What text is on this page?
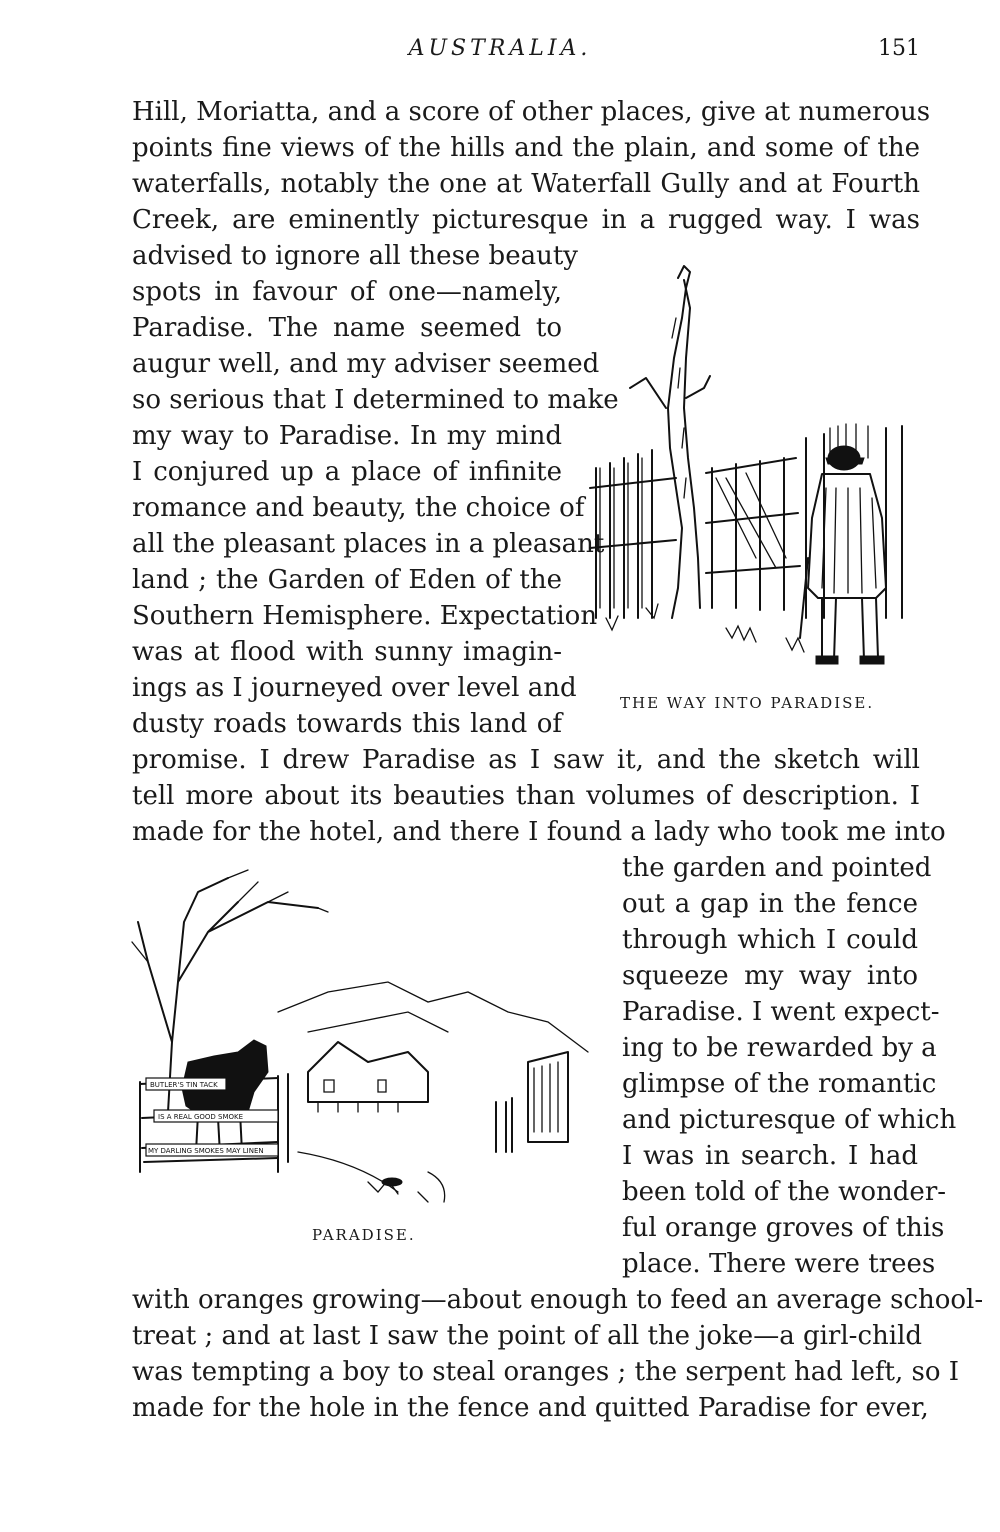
AUSTRALIA.	151
Hill, Moriatta, and a score of other places, give at numerous
points fine views of the hills and the plain, and some of the
waterfalls, notably the one at Waterfall Gully and at Fourth
Creek, are eminently picturesque in a rugged way. I was
advised to ignore all these beauty
spots in favour of one—namely,
Paradise. The name seemed to
augur well, and my adviser seemed
so serious that I determined to make
my way to Paradise. In my mind
I conjured up a place of infinite
romance and beauty, the choice of
all the pleasant places in a pleasant
land ; the Garden of Eden of the
Southern Hemisphere. Expectation
was at flood with sunny imagin-
ings as I journeyed over level and
dusty roads towards this land of
THE WAY INTO PARADISE.
promise. I drew Paradise as I saw it, and the sketch will
tell more about its beauties than volumes of description. I
made for the hotel, and there I found a lady who took me into
BUTLER'S TIN TACK
IS A REAL GOOD SMOKE
MY DARLING SMOKES MAY LINEN
PARADISE.
the garden and pointed
out a gap in the fence
through which I could
squeeze my way into
Paradise. I went expect-
ing to be rewarded by a
glimpse of the romantic
and picturesque of which
I was in search. I had
been told of the wonder-
ful orange groves of this
place. There were trees
with oranges growing—about enough to feed an average school-
treat ; and at last I saw the point of all the joke—a girl-child
was tempting a boy to steal oranges ; the serpent had left, so I
made for the hole in the fence and quitted Paradise for ever,
